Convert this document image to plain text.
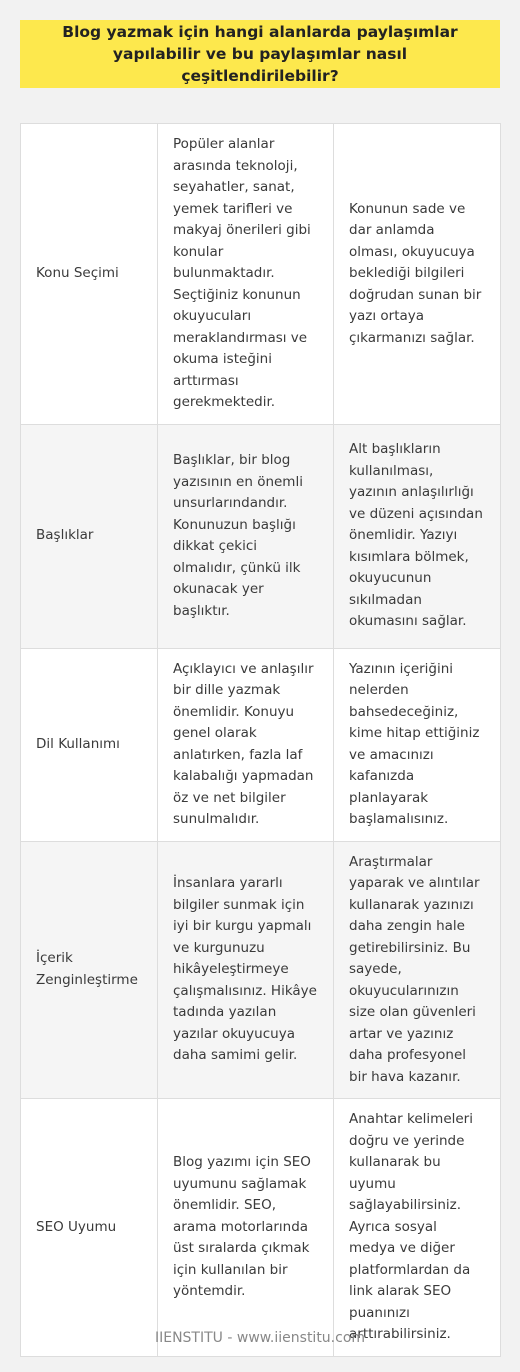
Blog yazmak için hangi alanlarda paylaşımlar yapılabilir ve bu paylaşımlar nasıl çeşitlendirilebilir?
Konu Seçimi	Popüler alanlar arasında teknoloji, seyahatler, sanat, yemek tarifleri ve makyaj önerileri gibi konular bulunmaktadır. Seçtiğiniz konunun okuyucuları meraklandırması ve okuma isteğini arttırması gerekmektedir.	Konunun sade ve dar anlamda olması, okuyucuya beklediği bilgileri doğrudan sunan bir yazı ortaya çıkarmanızı sağlar.
Başlıklar	Başlıklar, bir blog yazısının en önemli unsurlarındandır. Konunuzun başlığı dikkat çekici olmalıdır, çünkü ilk okunacak yer başlıktır.	Alt başlıkların kullanılması, yazının anlaşılırlığı ve düzeni açısından önemlidir. Yazıyı kısımlara bölmek, okuyucunun sıkılmadan okumasını sağlar.
Dil Kullanımı	Açıklayıcı ve anlaşılır bir dille yazmak önemlidir. Konuyu genel olarak anlatırken, fazla laf kalabalığı yapmadan öz ve net bilgiler sunulmalıdır.	Yazının içeriğini nelerden bahsedeceğiniz, kime hitap ettiğiniz ve amacınızı kafanızda planlayarak başlamalısınız.
İçerik Zenginleştirme	İnsanlara yararlı bilgiler sunmak için iyi bir kurgu yapmalı ve kurgunuzu hikâyeleştirmeye çalışmalısınız. Hikâye tadında yazılan yazılar okuyucuya daha samimi gelir.	Araştırmalar yaparak ve alıntılar kullanarak yazınızı daha zengin hale getirebilirsiniz. Bu sayede, okuyucularınızın size olan güvenleri artar ve yazınız daha profesyonel bir hava kazanır.
SEO Uyumu	Blog yazımı için SEO uyumunu sağlamak önemlidir. SEO, arama motorlarında üst sıralarda çıkmak için kullanılan bir yöntemdir.	Anahtar kelimeleri doğru ve yerinde kullanarak bu uyumu sağlayabilirsiniz. Ayrıca sosyal medya ve diğer platformlardan da link alarak SEO puanınızı arttırabilirsiniz.
IIENSTITU - www.iienstitu.com
